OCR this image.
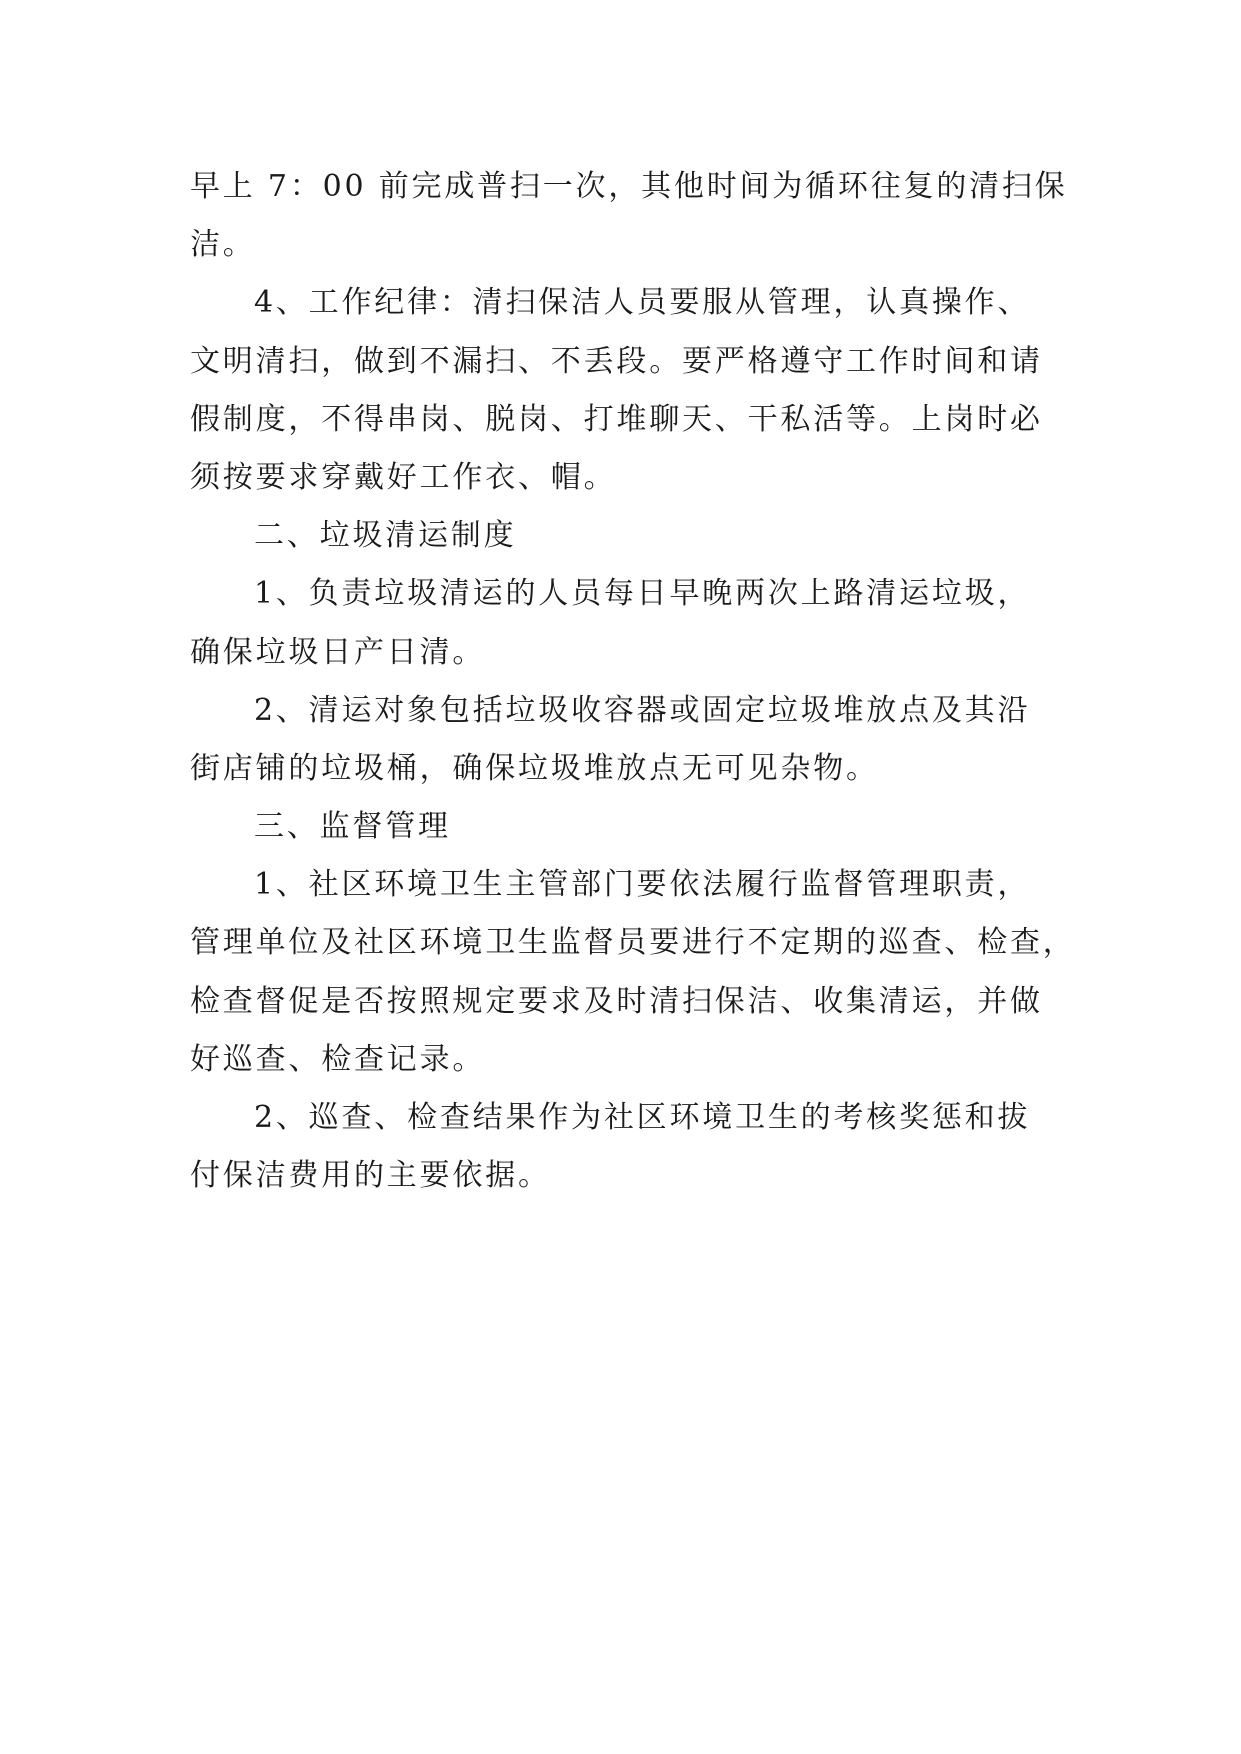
早上 7：00 前完成普扫一次，其他时间为循环往复的清扫保
洁。
4、工作纪律：清扫保洁人员要服从管理，认真操作、
文明清扫，做到不漏扫、不丢段。要严格遵守工作时间和请
假制度，不得串岗、脱岗、打堆聊天、干私活等。上岗时必
须按要求穿戴好工作衣、帽。
二、垃圾清运制度
1、负责垃圾清运的人员每日早晚两次上路清运垃圾，
确保垃圾日产日清。
2、清运对象包括垃圾收容器或固定垃圾堆放点及其沿
街店铺的垃圾桶，确保垃圾堆放点无可见杂物。
三、监督管理
1、社区环境卫生主管部门要依法履行监督管理职责，
管理单位及社区环境卫生监督员要进行不定期的巡查、检查，
检查督促是否按照规定要求及时清扫保洁、收集清运，并做
好巡查、检查记录。
2、巡查、检查结果作为社区环境卫生的考核奖惩和拔
付保洁费用的主要依据。
